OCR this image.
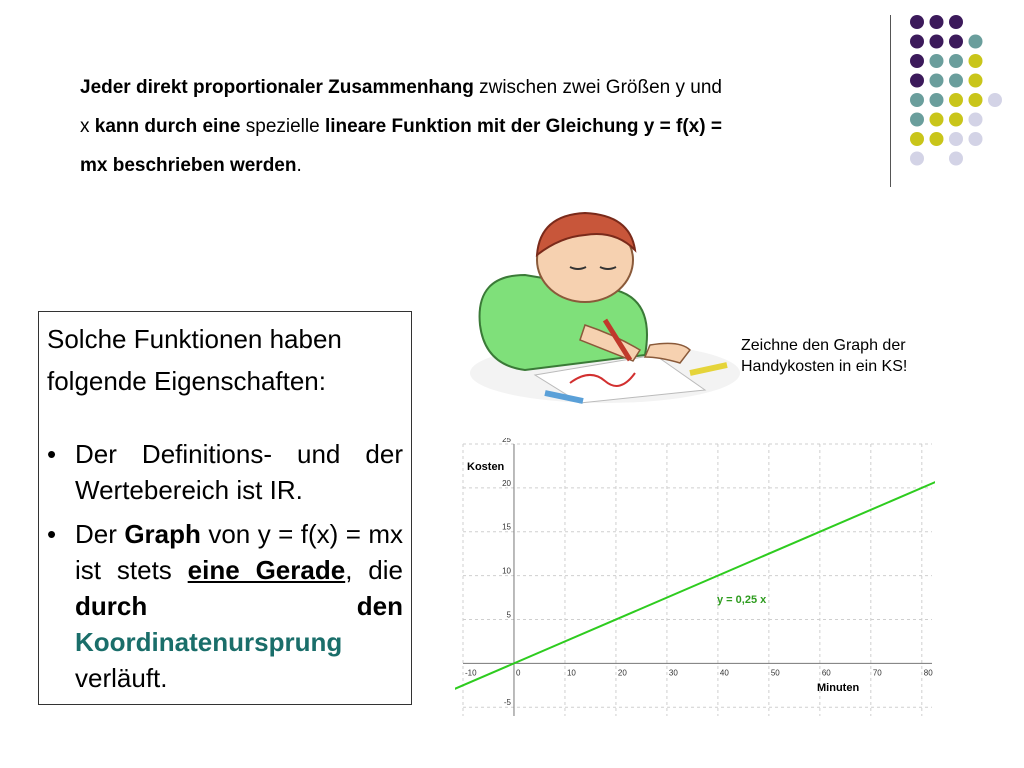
Jeder direkt proportionaler Zusammenhang zwischen zwei Größen y und x kann durch eine spezielle lineare Funktion mit der Gleichung y = f(x) = mx beschrieben werden.
Solche Funktionen haben folgende Eigenschaften:
• Der Definitions- und der Wertebereich ist IR.
• Der Graph von y = f(x) = mx ist stets eine Gerade, die durch den Koordinatenursprung verläuft.
Zeichne den Graph der Handykosten in ein KS!
-10	0	10	20	30	40	50	60	70	80
-5
5
10
15
20
25
Kosten
Minuten
y = 0,25 x
